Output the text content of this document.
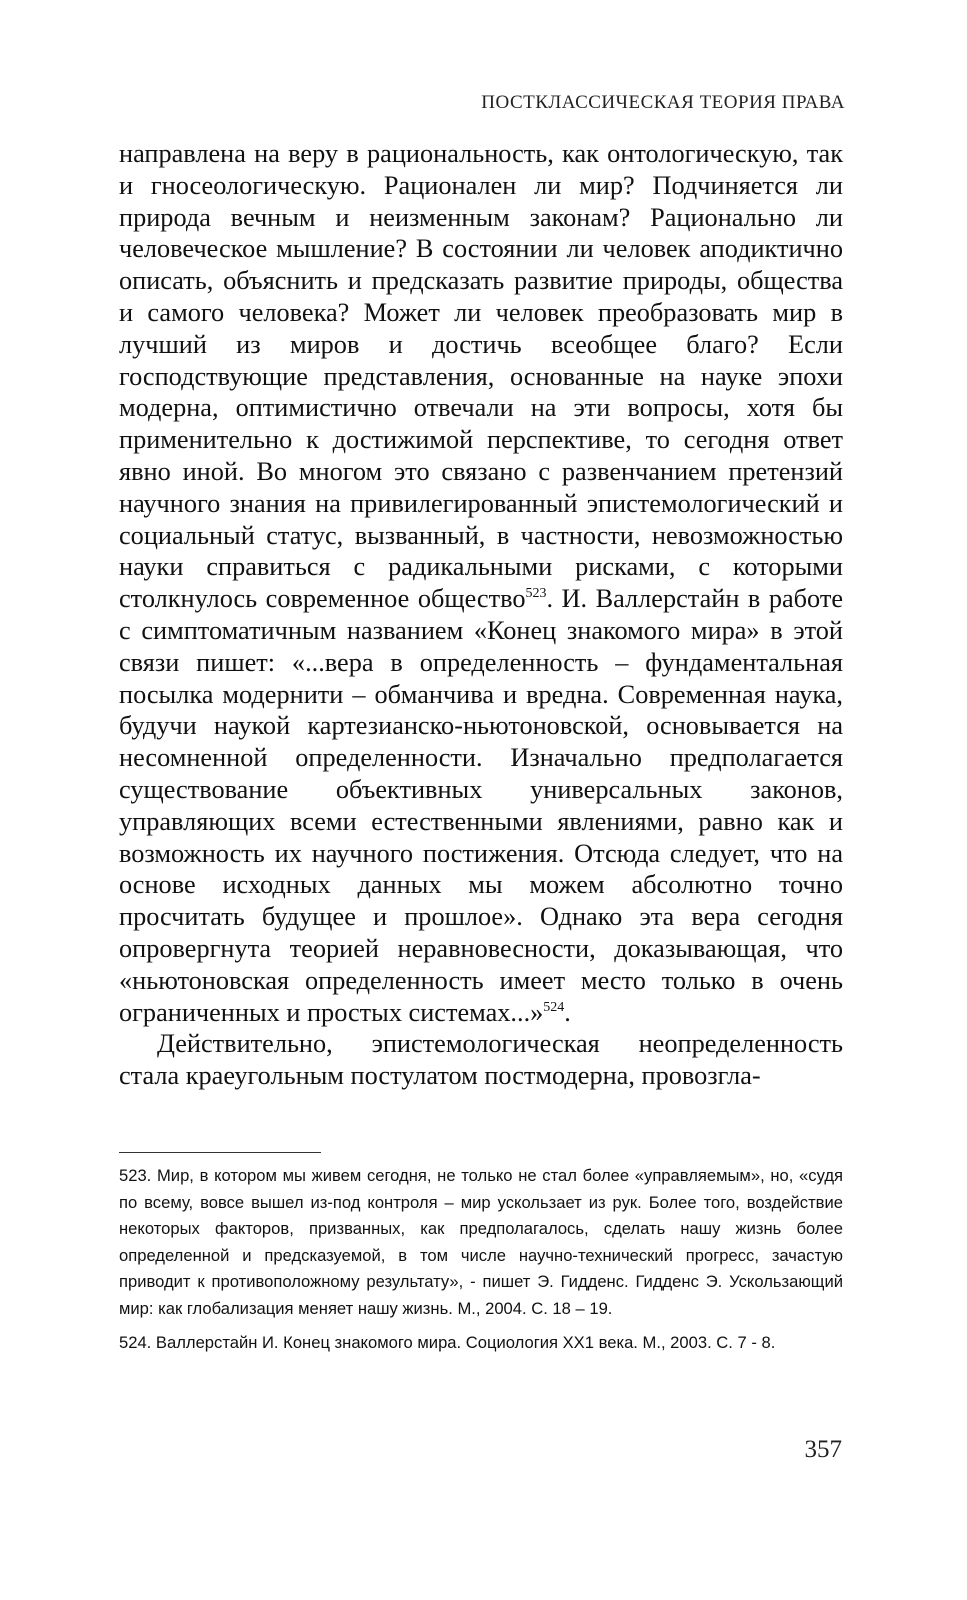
ПОСТКЛАССИЧЕСКАЯ ТЕОРИЯ ПРАВА

направлена на веру в рациональность, как онтологическую, так и гносеологическую. Рационален ли мир? Подчиняется ли природа вечным и неизменным законам? Рационально ли человеческое мышление? В состоянии ли человек аподиктично описать, объяснить и предсказать развитие природы, общества и самого человека? Может ли человек преобразовать мир в лучший из миров и достичь всеобщее благо? Если господствующие представления, основанные на науке эпохи модерна, оптимистично отвечали на эти вопросы, хотя бы применительно к достижимой перспективе, то сегодня ответ явно иной. Во многом это связано с развенчанием претензий научного знания на привилегированный эпистемологический и социальный статус, вызванный, в частности, невозможностью науки справиться с радикальными рисками, с которыми столкнулось современное общество$^{523}$. И. Валлерстайн в работе с симптоматичным названием «Конец знакомого мира» в этой связи пишет: «...вера в определенность – фундаментальная посылка модернити – обманчива и вредна. Современная наука, будучи наукой картезианско-ньютоновской, основывается на несомненной определенности. Изначально предполагается существование объективных универсальных законов, управляющих всеми естественными явлениями, равно как и возможность их научного постижения. Отсюда следует, что на основе исходных данных мы можем абсолютно точно просчитать будущее и прошлое». Однако эта вера сегодня опровергнута теорией неравновесности, доказывающая, что «ньютоновская определенность имеет место только в очень ограниченных и простых системах...»$^{524}$.

Действительно, эпистемологическая неопределенность стала краеугольным постулатом постмодерна, провозгла-

523. Мир, в котором мы живем сегодня, не только не стал более «управляемым», но, «судя по всему, вовсе вышел из-под контроля – мир ускользает из рук. Более того, воздействие некоторых факторов, призванных, как предполагалось, сделать нашу жизнь более определенной и предсказуемой, в том числе научно-технический прогресс, зачастую приводит к противоположному результату», - пишет Э. Гидденс. Гидденс Э. Ускользающий мир: как глобализация меняет нашу жизнь. М., 2004. С. 18 – 19.

524. Валлерстайн И. Конец знакомого мира. Социология XX1 века. М., 2003. С. 7 - 8.

357
